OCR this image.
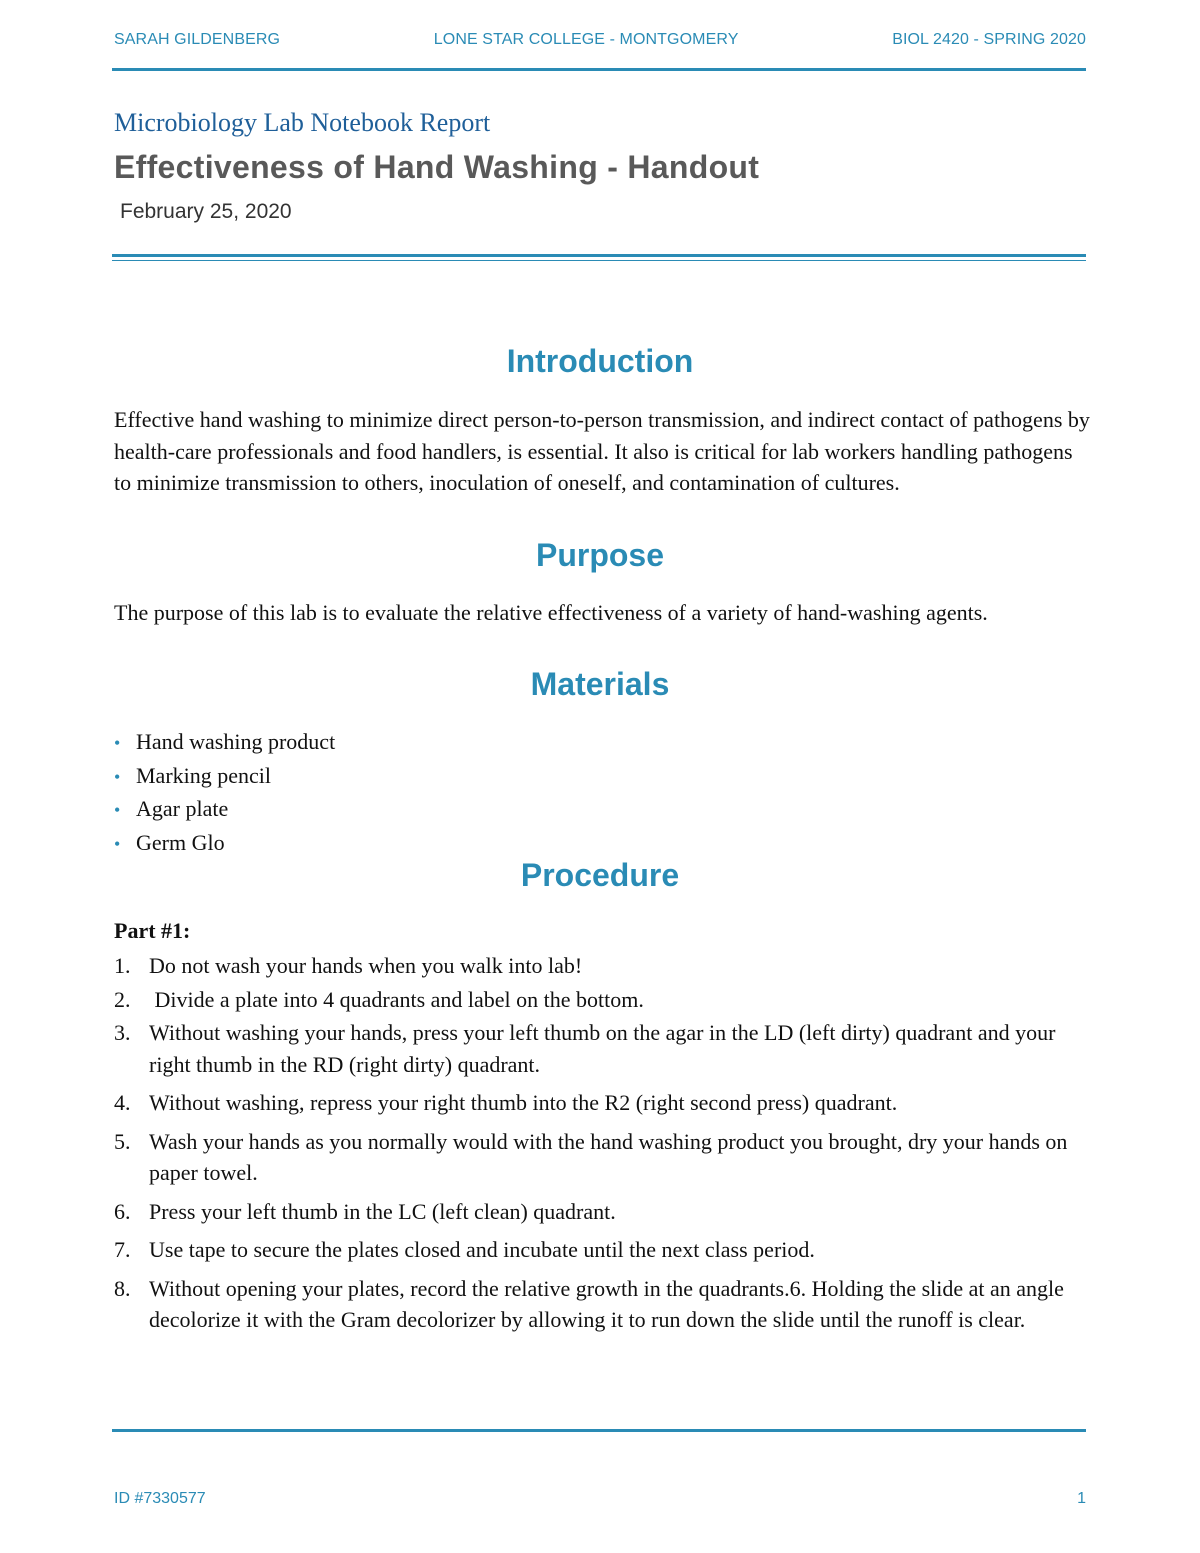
SARAH GILDENBERG	LONE STAR COLLEGE - MONTGOMERY	BIOL 2420 - SPRING 2020
Microbiology Lab Notebook Report
Effectiveness of Hand Washing - Handout
February 25, 2020
Introduction

Effective hand washing to minimize direct person-to-person transmission, and indirect contact of pathogens by health-care professionals and food handlers, is essential. It also is critical for lab workers handling pathogens to minimize transmission to others, inoculation of oneself, and contamination of cultures.

Purpose

The purpose of this lab is to evaluate the relative effectiveness of a variety of hand-washing agents.

Materials
• Hand washing product
• Marking pencil
• Agar plate
• Germ Glo
Procedure
Part #1:
1. Do not wash your hands when you walk into lab!
2. Divide a plate into 4 quadrants and label on the bottom.
3. Without washing your hands, press your left thumb on the agar in the LD (left dirty) quadrant and your right thumb in the RD (right dirty) quadrant.
4. Without washing, repress your right thumb into the R2 (right second press) quadrant.
5. Wash your hands as you normally would with the hand washing product you brought, dry your hands on paper towel.
6. Press your left thumb in the LC (left clean) quadrant.
7. Use tape to secure the plates closed and incubate until the next class period.
8. Without opening your plates, record the relative growth in the quadrants.6. Holding the slide at an angle decolorize it with the Gram decolorizer by allowing it to run down the slide until the runoff is clear.
ID #7330577	1
